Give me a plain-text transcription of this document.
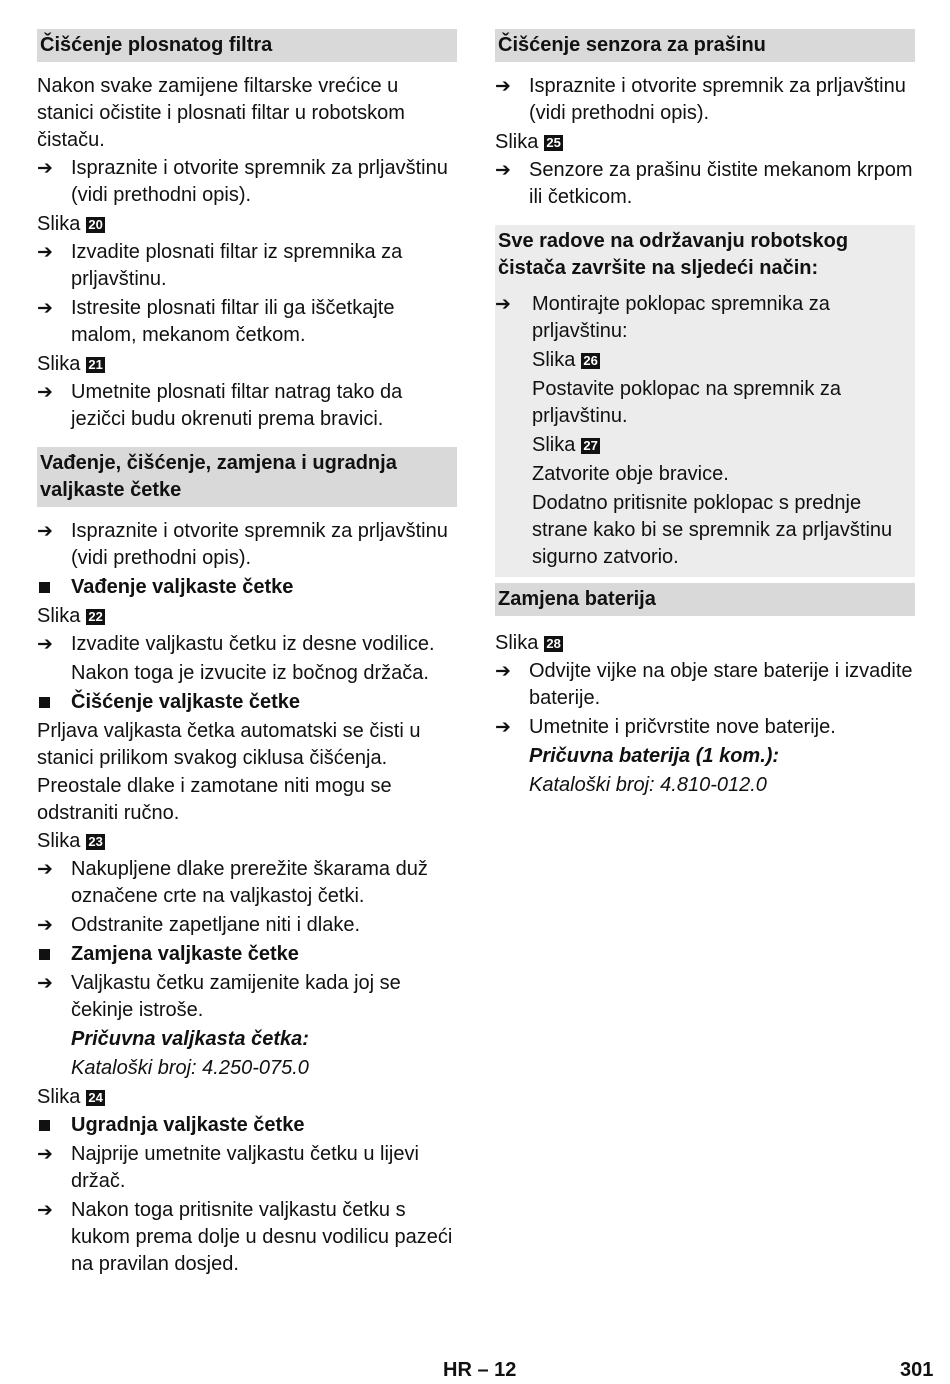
Čišćenje plosnatog filtra
Nakon svake zamijene filtarske vrećice u stanici očistite i plosnati filtar u robotskom čistaču.
➔ Ispraznite i otvorite spremnik za prljavštinu (vidi prethodni opis).
Slika 20
➔ Izvadite plosnati filtar iz spremnika za prljavštinu.
➔ Istresite plosnati filtar ili ga iščetkajte malom, mekanom četkom.
Slika 21
➔ Umetnite plosnati filtar natrag tako da jezičci budu okrenuti prema bravici.
Vađenje, čišćenje, zamjena i ugradnja valjkaste četke
➔ Ispraznite i otvorite spremnik za prljavštinu (vidi prethodni opis).
Vađenje valjkaste četke
Slika 22
➔ Izvadite valjkastu četku iz desne vodilice.
Nakon toga je izvucite iz bočnog držača.
Čišćenje valjkaste četke
Prljava valjkasta četka automatski se čisti u stanici prilikom svakog ciklusa čišćenja.
Preostale dlake i zamotane niti mogu se odstraniti ručno.
Slika 23
➔ Nakupljene dlake prerežite škarama duž označene crte na valjkastoj četki.
➔ Odstranite zapetljane niti i dlake.
Zamjena valjkaste četke
➔ Valjkastu četku zamijenite kada joj se čekinje istroše.
Pričuvna valjkasta četka:
Kataloški broj: 4.250-075.0
Slika 24
Ugradnja valjkaste četke
➔ Najprije umetnite valjkastu četku u lijevi držač.
➔ Nakon toga pritisnite valjkastu četku s kukom prema dolje u desnu vodilicu pazeći na pravilan dosjed.
Čišćenje senzora za prašinu
➔ Ispraznite i otvorite spremnik za prljavštinu (vidi prethodni opis).
Slika 25
➔ Senzore za prašinu čistite mekanom krpom ili četkicom.
Sve radove na održavanju robotskog čistača završite na sljedeći način:
➔ Montirajte poklopac spremnika za prljavštinu:
Slika 26
Postavite poklopac na spremnik za prljavštinu.
Slika 27
Zatvorite obje bravice.
Dodatno pritisnite poklopac s prednje strane kako bi se spremnik za prljavštinu sigurno zatvorio.
Zamjena baterija
Slika 28
➔ Odvijte vijke na obje stare baterije i izvadite baterije.
➔ Umetnite i pričvrstite nove baterije.
Pričuvna baterija (1 kom.):
Kataloški broj: 4.810-012.0
HR – 12	301
